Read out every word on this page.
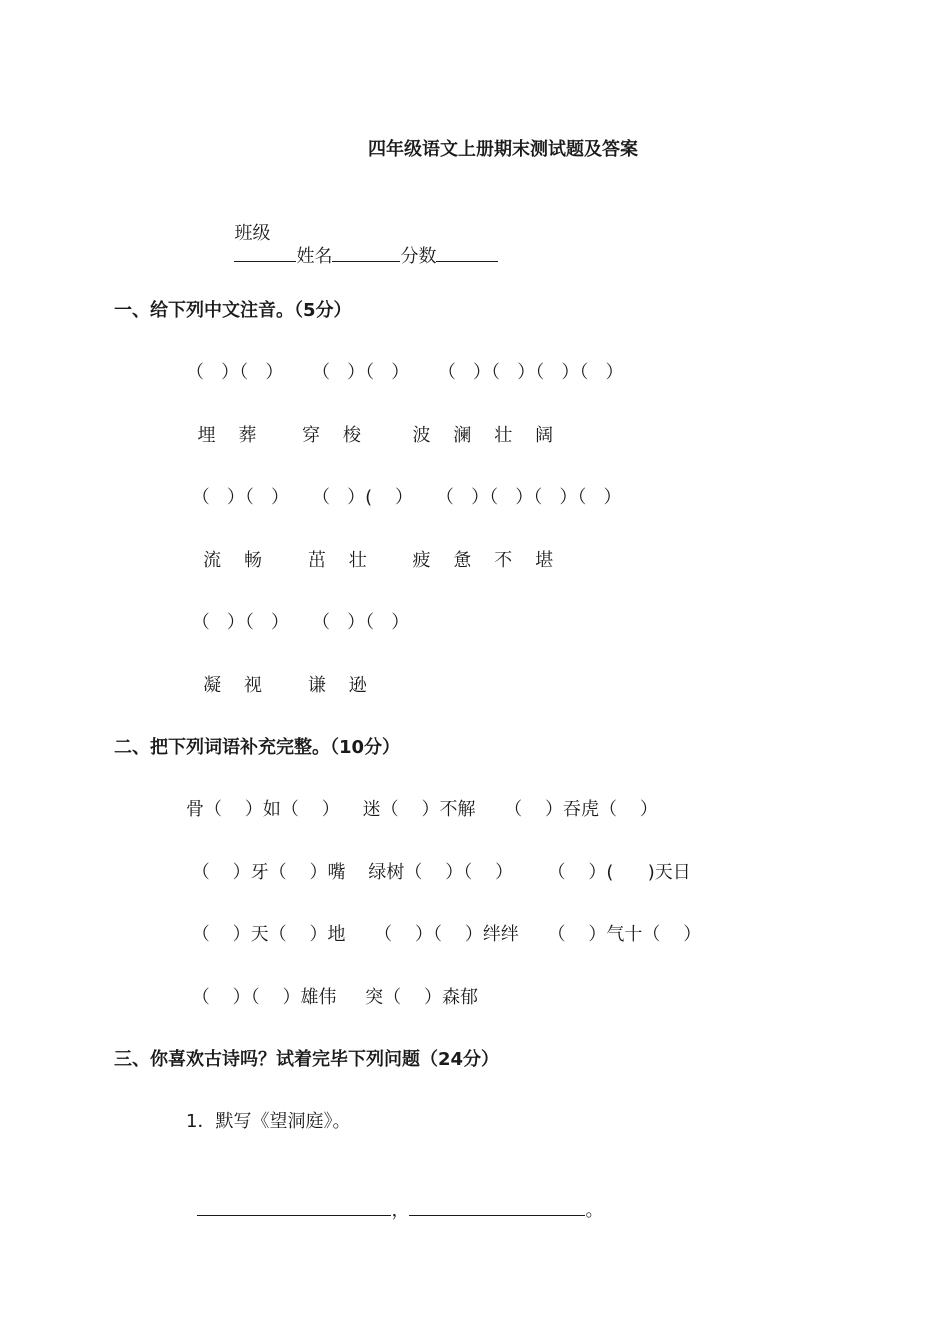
四年级语文上册期末测试题及答案

班级
姓名	分数

一、给下列中文注音。（5分）
（   ）（   ）     （   ）（   ）     （   ）（   ）（   ）（   ）
埋    葬        穿    梭         波    澜    壮    阔
（   ）（   ）    （   ）(    ）    （   ）（   ）（   ）（   ）
流    畅        茁    壮        疲    惫    不    堪
（   ）（   ）    （   ）（   ）
凝    视        谦    逊
二、把下列词语补充完整。（10分）
骨（    ）如（    ）    迷（    ）不解     （    ）吞虎（    ）
（    ）牙（    ）嘴    绿树（    ）（    ）      （    ）(      )天日
（    ）天（    ）地     （    ）（    ）绊绊     （    ）气十（    ）
（    ）（    ）雄伟     突（    ）森郁
三、你喜欢古诗吗？试着完毕下列问题（24分）
1．默写《望洞庭》。

，	。
